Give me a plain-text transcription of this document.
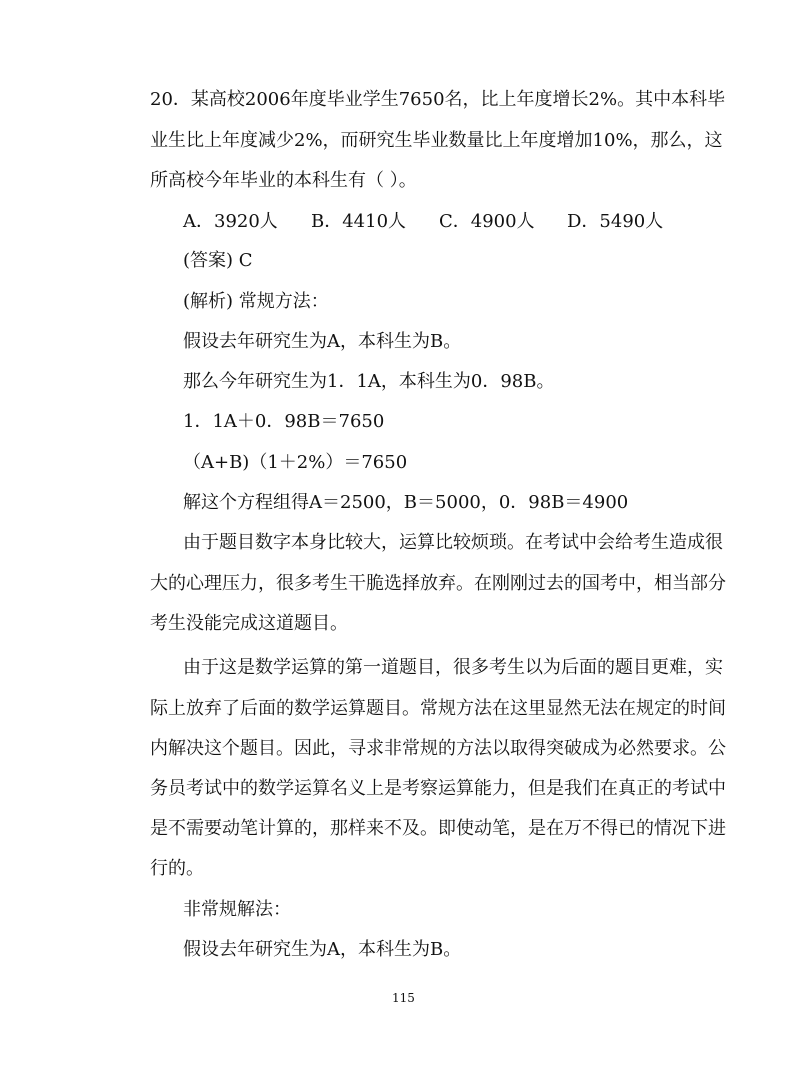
20．某高校2006年度毕业学生7650名，比上年度增长2%。其中本科毕
业生比上年度减少2%，而研究生毕业数量比上年度增加10%，那么，这
所高校今年毕业的本科生有（ ）。
A．3920人 B．4410人 C．4900人 D．5490人
(答案) C
(解析) 常规方法：
假设去年研究生为A，本科生为B。
那么今年研究生为1．1A，本科生为0．98B。
1．1A＋0．98B＝7650
（A+B)（1＋2%）＝7650
解这个方程组得A＝2500，B＝5000，0．98B＝4900
由于题目数字本身比较大，运算比较烦琐。在考试中会给考生造成很
大的心理压力，很多考生干脆选择放弃。在刚刚过去的国考中，相当部分
考生没能完成这道题目。
由于这是数学运算的第一道题目，很多考生以为后面的题目更难，实
际上放弃了后面的数学运算题目。常规方法在这里显然无法在规定的时间
内解决这个题目。因此，寻求非常规的方法以取得突破成为必然要求。公
务员考试中的数学运算名义上是考察运算能力，但是我们在真正的考试中
是不需要动笔计算的，那样来不及。即使动笔，是在万不得已的情况下进
行的。
非常规解法：
假设去年研究生为A，本科生为B。
115
